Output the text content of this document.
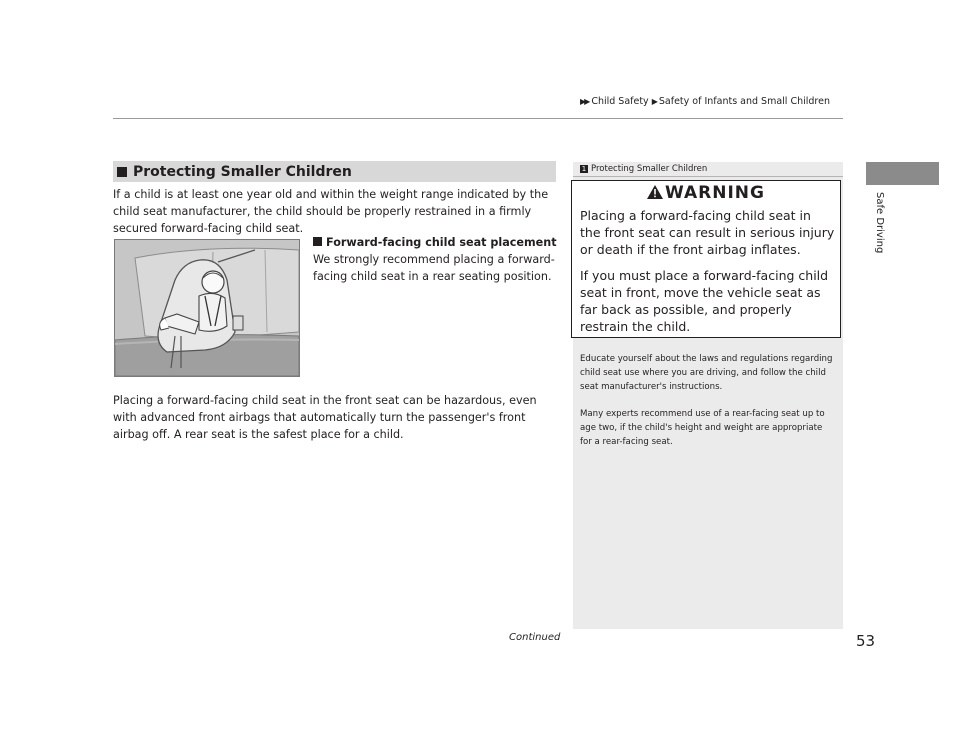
▶▶ Child Safety ▶ Safety of Infants and Small Children
Safe Driving
Protecting Smaller Children
If a child is at least one year old and within the weight range indicated by the child seat manufacturer, the child should be properly restrained in a firmly secured forward-facing child seat.
Forward-facing child seat placement
We strongly recommend placing a forward-facing child seat in a rear seating position.
Placing a forward-facing child seat in the front seat can be hazardous, even with advanced front airbags that automatically turn the passenger's front airbag off. A rear seat is the safest place for a child.
1 Protecting Smaller Children
WARNING
Placing a forward-facing child seat in the front seat can result in serious injury or death if the front airbag inflates.
If you must place a forward-facing child seat in front, move the vehicle seat as far back as possible, and properly restrain the child.
Educate yourself about the laws and regulations regarding child seat use where you are driving, and follow the child seat manufacturer's instructions.
Many experts recommend use of a rear-facing seat up to age two, if the child's height and weight are appropriate for a rear-facing seat.
Continued	53
